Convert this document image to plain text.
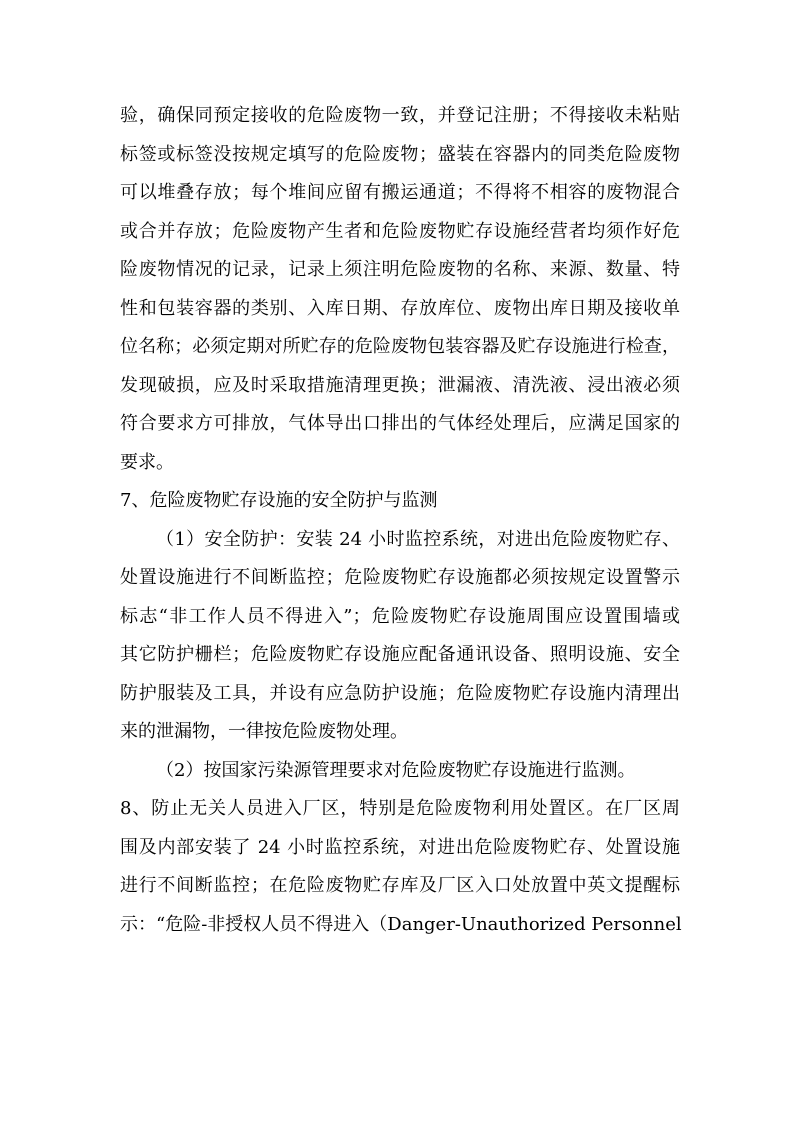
验，确保同预定接收的危险废物一致，并登记注册；不得接收未粘贴
标签或标签没按规定填写的危险废物；盛装在容器内的同类危险废物
可以堆叠存放；每个堆间应留有搬运通道；不得将不相容的废物混合
或合并存放；危险废物产生者和危险废物贮存设施经营者均须作好危
险废物情况的记录，记录上须注明危险废物的名称、来源、数量、特
性和包装容器的类别、入库日期、存放库位、废物出库日期及接收单
位名称；必须定期对所贮存的危险废物包装容器及贮存设施进行检查，
发现破损，应及时采取措施清理更换；泄漏液、清洗液、浸出液必须
符合要求方可排放，气体导出口排出的气体经处理后，应满足国家的
要求。
7、危险废物贮存设施的安全防护与监测
（1）安全防护：安装 24 小时监控系统，对进出危险废物贮存、
处置设施进行不间断监控；危险废物贮存设施都必须按规定设置警示
标志“非工作人员不得进入”；危险废物贮存设施周围应设置围墙或
其它防护栅栏；危险废物贮存设施应配备通讯设备、照明设施、安全
防护服装及工具，并设有应急防护设施；危险废物贮存设施内清理出
来的泄漏物，一律按危险废物处理。
（2）按国家污染源管理要求对危险废物贮存设施进行监测。
8、防止无关人员进入厂区，特别是危险废物利用处置区。在厂区周
围及内部安装了 24 小时监控系统，对进出危险废物贮存、处置设施
进行不间断监控；在危险废物贮存库及厂区入口处放置中英文提醒标
示：“危险-非授权人员不得进入（Danger-Unauthorized Personnel
